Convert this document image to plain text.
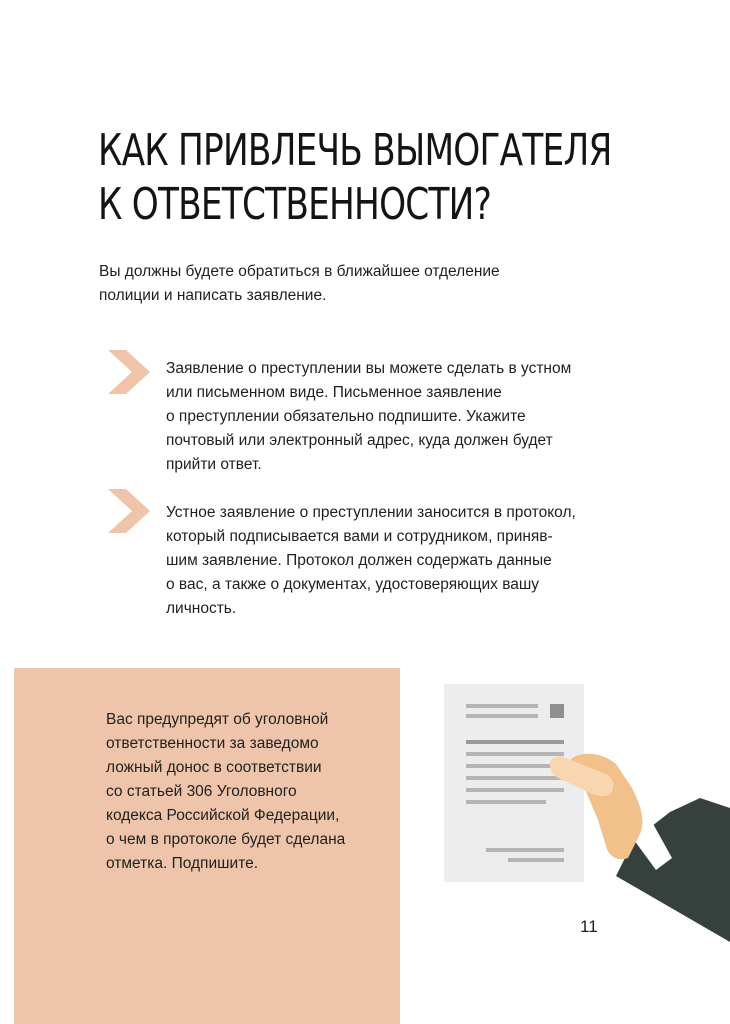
КАК ПРИВЛЕЧЬ ВЫМОГАТЕЛЯ
К ОТВЕТСТВЕННОСТИ?
Вы должны будете обратиться в ближайшее отделение
полиции и написать заявление.
Заявление о преступлении вы можете сделать в устном
или письменном виде. Письменное заявление
о преступлении обязательно подпишите. Укажите
почтовый или электронный адрес, куда должен будет
прийти ответ.
Устное заявление о преступлении заносится в протокол,
который подписывается вами и сотрудником, приняв-
шим заявление. Протокол должен содержать данные
о вас, а также о документах, удостоверяющих вашу
личность.
Вас предупредят об уголовной
ответственности за заведомо
ложный донос в соответствии
со статьей 306 Уголовного
кодекса Российской Федерации,
о чем в протоколе будет сделана
отметка. Подпишите.
11
